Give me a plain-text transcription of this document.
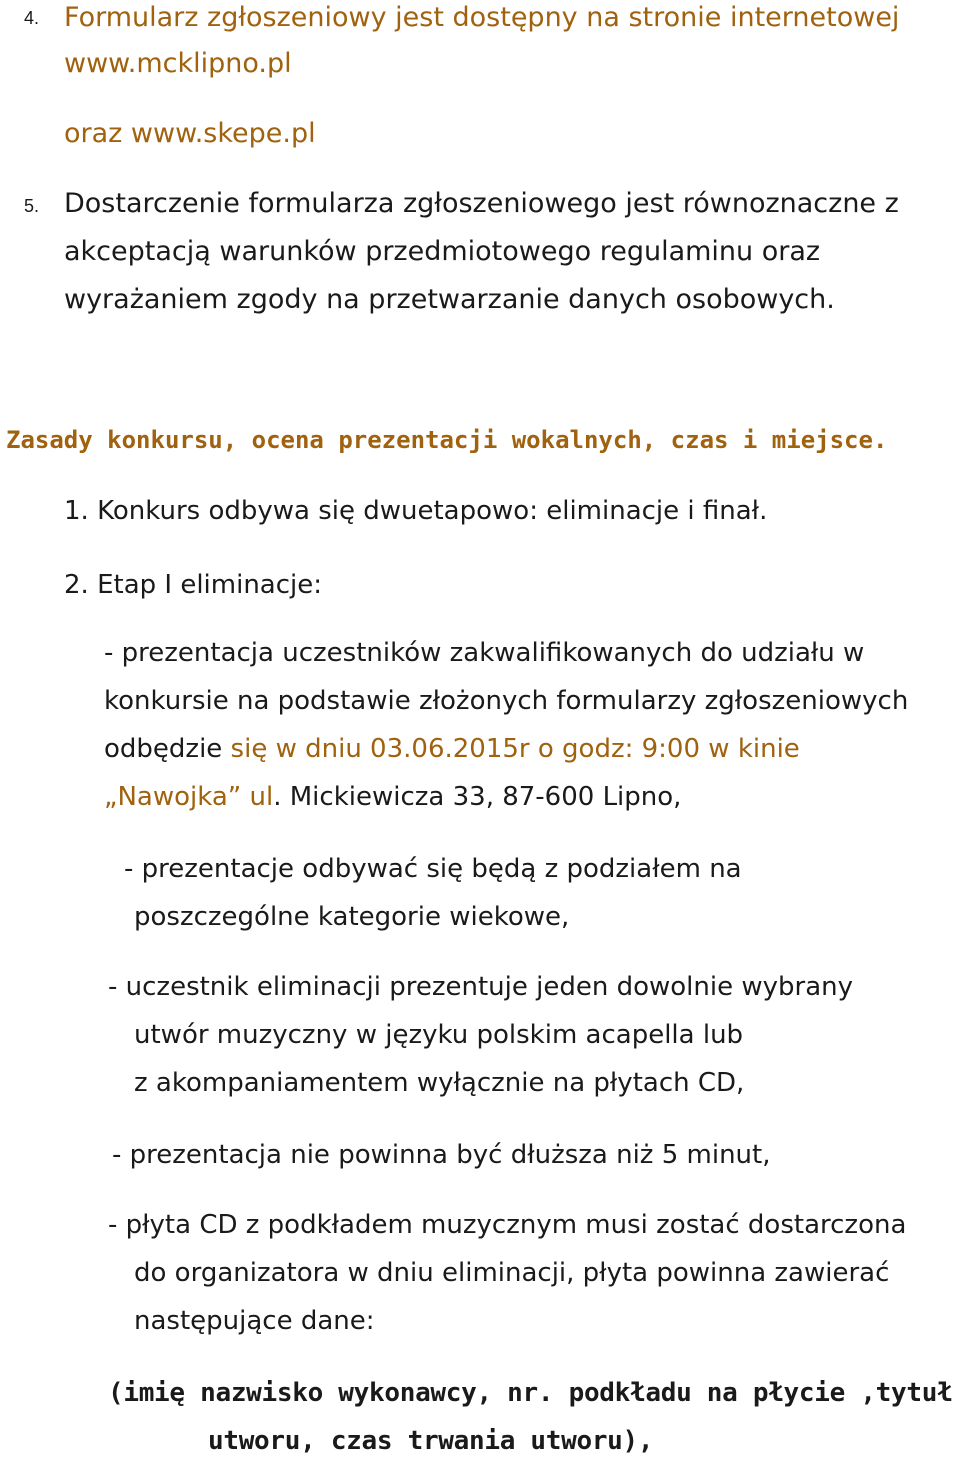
4. Formularz zgłoszeniowy jest dostępny na stronie internetowej
www.mcklipno.pl
oraz www.skepe.pl
5. Dostarczenie formularza zgłoszeniowego jest równoznaczne z
akceptacją warunków przedmiotowego regulaminu oraz
wyrażaniem zgody na przetwarzanie danych osobowych.
Zasady konkursu, ocena prezentacji wokalnych, czas i miejsce.
1. Konkurs odbywa się dwuetapowo: eliminacje i finał.
2. Etap I eliminacje:
- prezentacja uczestników zakwalifikowanych do udziału w
konkursie na podstawie złożonych formularzy zgłoszeniowych
odbędzie się w dniu 03.06.2015r o godz: 9:00 w kinie
„Nawojka” ul. Mickiewicza 33, 87-600 Lipno,
- prezentacje odbywać się będą z podziałem na
poszczególne kategorie wiekowe,
- uczestnik eliminacji prezentuje jeden dowolnie wybrany
utwór muzyczny w języku polskim acapella lub
z akompaniamentem wyłącznie na płytach CD,
- prezentacja nie powinna być dłuższa niż 5 minut,
- płyta CD z podkładem muzycznym musi zostać dostarczona
do organizatora w dniu eliminacji, płyta powinna zawierać
następujące dane:
(imię nazwisko wykonawcy, nr. podkładu na płycie ,tytuł
utworu, czas trwania utworu),
